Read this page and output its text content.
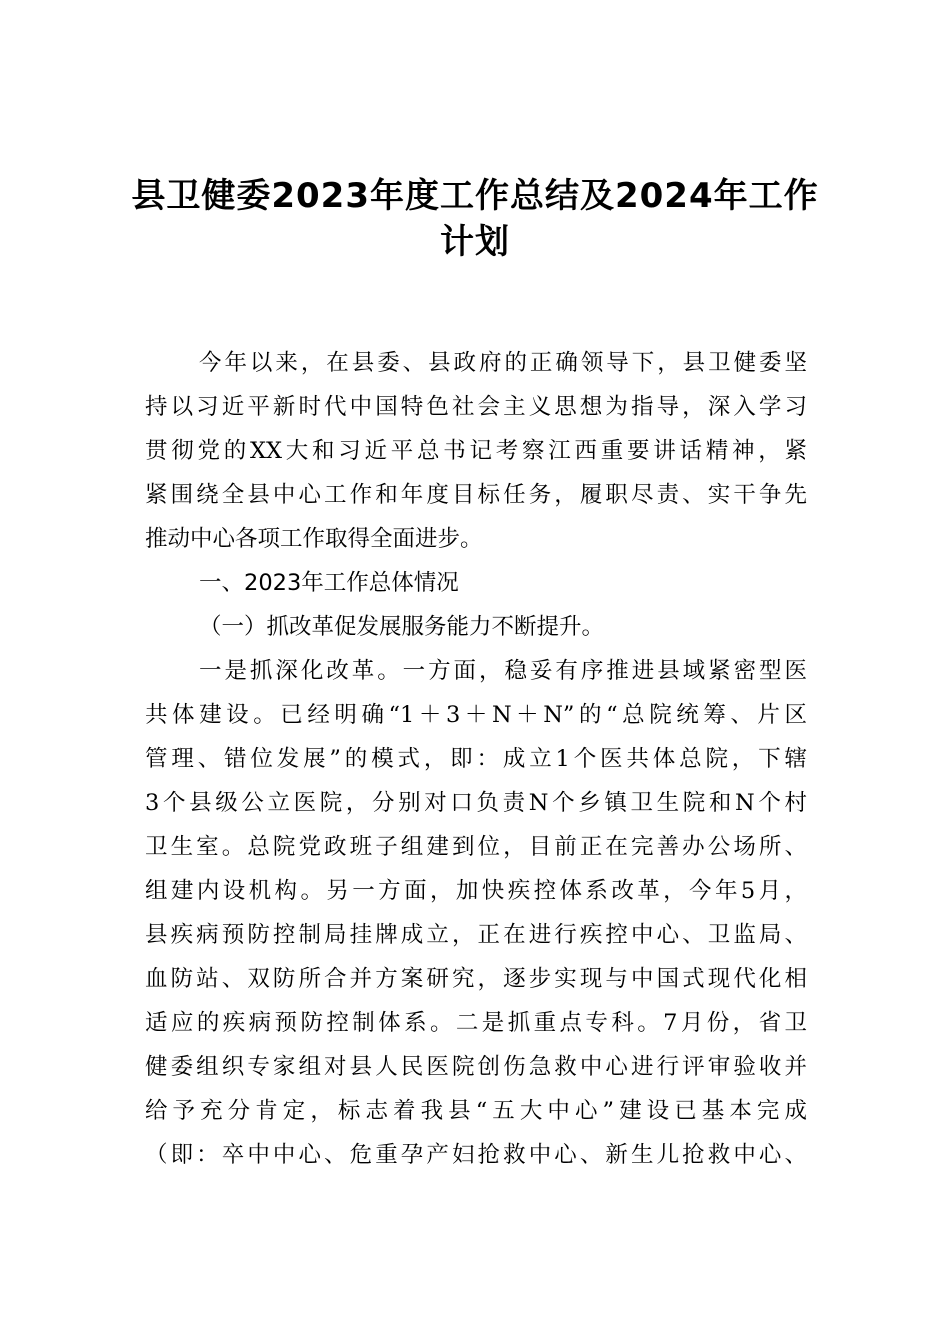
县卫健委2023年度工作总结及2024年工作
计划
今年以来，在县委、县政府的正确领导下，县卫健委坚
持以习近平新时代中国特色社会主义思想为指导，深入学习
贯彻党的XX大和习近平总书记考察江西重要讲话精神，紧
紧围绕全县中心工作和年度目标任务，履职尽责、实干争先
推动中心各项工作取得全面进步。
一、2023年工作总体情况
（一）抓改革促发展服务能力不断提升。
一是抓深化改革。一方面，稳妥有序推进县域紧密型医
共体建设。已经明确“1＋3＋N＋N”的“总院统筹、片区
管理、错位发展”的模式，即：成立1个医共体总院，下辖
3个县级公立医院，分别对口负责N个乡镇卫生院和N个村
卫生室。总院党政班子组建到位，目前正在完善办公场所、
组建内设机构。另一方面，加快疾控体系改革，今年5月，
县疾病预防控制局挂牌成立，正在进行疾控中心、卫监局、
血防站、双防所合并方案研究，逐步实现与中国式现代化相
适应的疾病预防控制体系。二是抓重点专科。7月份，省卫
健委组织专家组对县人民医院创伤急救中心进行评审验收并
给予充分肯定，标志着我县“五大中心”建设已基本完成
（即：卒中中心、危重孕产妇抢救中心、新生儿抢救中心、
